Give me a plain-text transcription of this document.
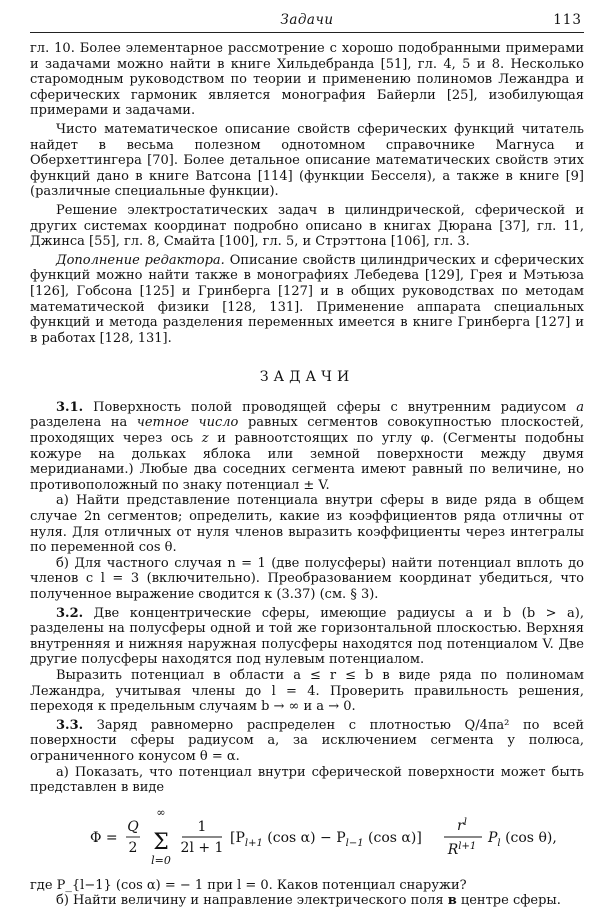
Задачи	113

гл. 10. Более элементарное рассмотрение с хорошо подобранными примерами и задачами можно найти в книге Хильдебранда [51], гл. 4, 5 и 8. Несколько старомодным руководством по теории и применению полиномов Лежандра и сферических гармоник является монография Байерли [25], изобилующая примерами и задачами.

Чисто математическое описание свойств сферических функций читатель найдет в весьма полезном однотомном справочнике Магнуса и Оберхеттингера [70]. Более детальное описание математических свойств этих функций дано в книге Ватсона [114] (функции Бесселя), а также в книге [9] (различные специальные функции).

Решение электростатических задач в цилиндрической, сферической и других системах координат подробно описано в книгах Дюрана [37], гл. 11, Джинса [55], гл. 8, Смайта [100], гл. 5, и Стрэттона [106], гл. 3.

Дополнение редактора. Описание свойств цилиндрических и сферических функций можно найти также в монографиях Лебедева [129], Грея и Мэтьюза [126], Гобсона [125] и Гринберга [127] и в общих руководствах по методам математической физики [128, 131]. Применение аппарата специальных функций и метода разделения переменных имеется в книге Гринберга [127] и в работах [128, 131].

ЗАДАЧИ

3.1. Поверхность полой проводящей сферы с внутренним радиусом a разделена на четное число равных сегментов совокупностью плоскостей, проходящих через ось z и равноотстоящих по углу φ. (Сегменты подобны кожуре на дольках яблока или земной поверхности между двумя меридианами.) Любые два соседних сегмента имеют равный по величине, но противоположный по знаку потенциал ± V.

а) Найти представление потенциала внутри сферы в виде ряда в общем случае 2n сегментов; определить, какие из коэффициентов ряда отличны от нуля. Для отличных от нуля членов выразить коэффициенты через интегралы по переменной cos θ.

б) Для частного случая n = 1 (две полусферы) найти потенциал вплоть до членов с l = 3 (включительно). Преобразованием координат убедиться, что полученное выражение сводится к (3.37) (см. § 3).

3.2. Две концентрические сферы, имеющие радиусы a и b (b > a), разделены на полусферы одной и той же горизонтальной плоскостью. Верхняя внутренняя и нижняя наружная полусферы находятся под потенциалом V. Две другие полусферы находятся под нулевым потенциалом.

Выразить потенциал в области a ≤ r ≤ b в виде ряда по полиномам Лежандра, учитывая члены до l = 4. Проверить правильность решения, переходя к предельным случаям b → ∞ и a → 0.

3.3. Заряд равномерно распределен с плотностью Q/4πa² по всей поверхности сферы радиусом a, за исключением сегмента у полюса, ограниченного конусом θ = α.

а) Показать, что потенциал внутри сферической поверхности может быть представлен в виде

Φ =
Q
2
∞
Σ
l=0
1
2l + 1
[$P_{l+1}$ (cos $\alpha) - P_{l-1}$ (cos α)]
$r^l$
$R^{l+1}$
$P_l$ (cos θ),

где P_{l−1} (cos α) = − 1 при l = 0. Каков потенциал снаружи?

б) Найти величину и направление электрического поля в центре сферы.
